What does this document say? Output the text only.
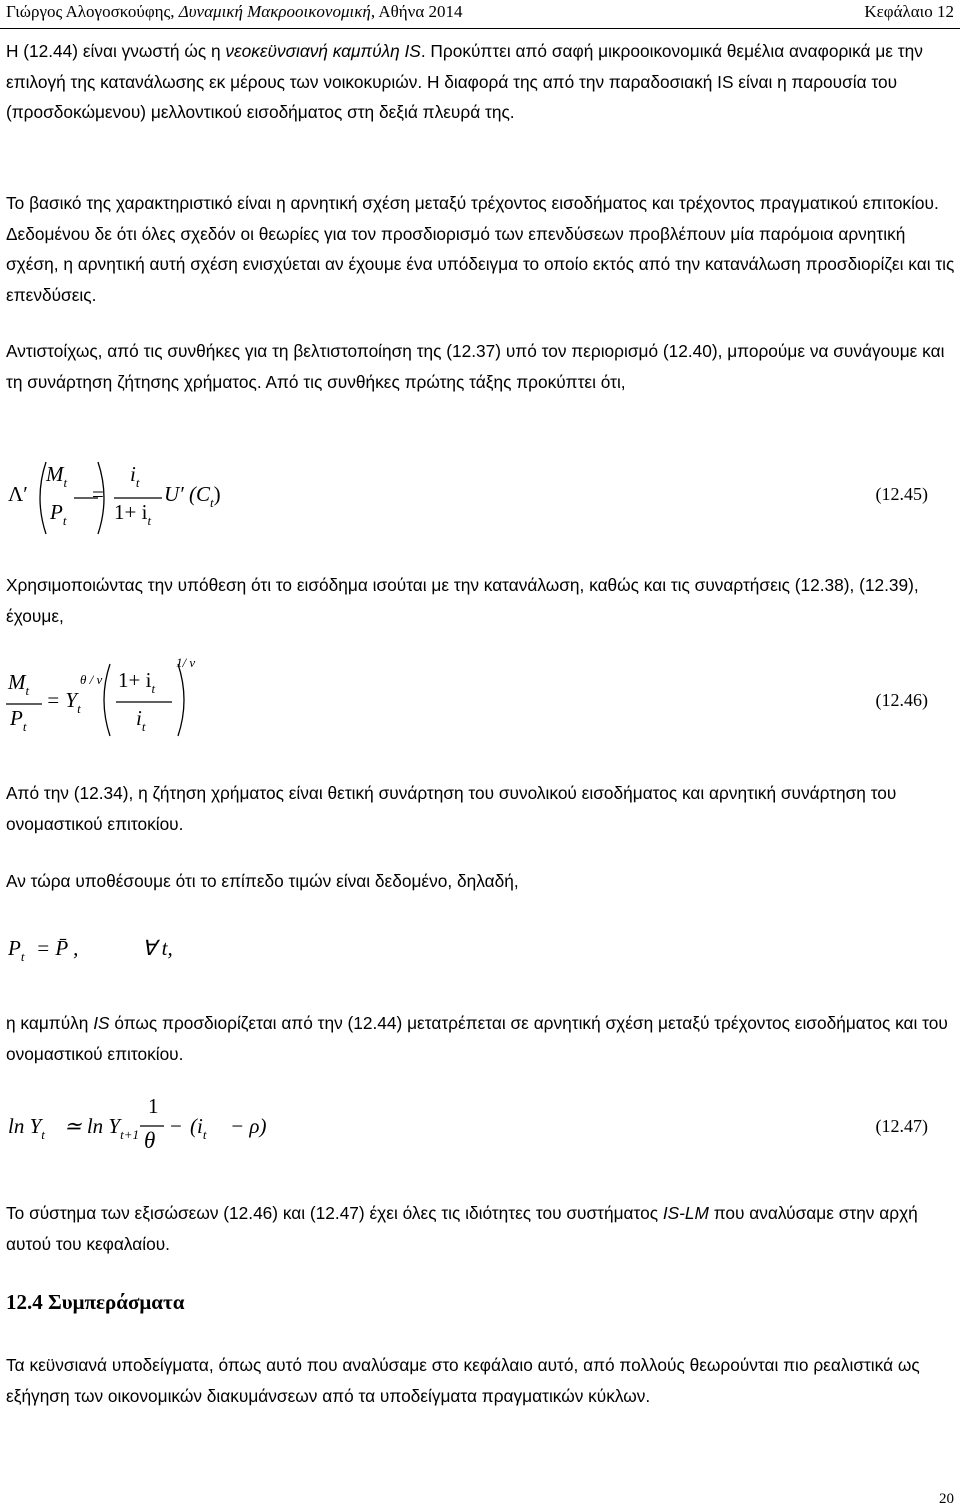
Γιώργος Αλογοσκούφης, Δυναμική Μακροοικονομική, Αθήνα 2014	Κεφάλαιο 12

Η (12.44) είναι γνωστή ώς η νεοκεϋνσιανή καμπύλη IS. Προκύπτει από σαφή μικροοικονομικά θεμέλια αναφορικά με την επιλογή της κατανάλωσης εκ μέρους των νοικοκυριών. Η διαφορά της από την παραδοσιακή IS είναι η παρουσία του (προσδοκώμενου) μελλοντικού εισοδήματος στη δεξιά πλευρά της.

Το βασικό της χαρακτηριστικό είναι η αρνητική σχέση μεταξύ τρέχοντος εισοδήματος και τρέχοντος πραγματικού επιτοκίου. Δεδομένου δε ότι όλες σχεδόν οι θεωρίες για τον προσδιορισμό των επενδύσεων προβλέπουν μία παρόμοια αρνητική σχέση, η αρνητική αυτή σχέση ενισχύεται αν έχουμε ένα υπόδειγμα το οποίο εκτός από την κατανάλωση προσδιορίζει και τις επενδύσεις.

Αντιστοίχως, από τις συνθήκες για τη βελτιστοποίηση της (12.37) υπό τον περιορισμό (12.40), μπορούμε να συνάγουμε και τη συνάρτηση ζήτησης χρήματος. Από τις συνθήκες πρώτης τάξης προκύπτει ότι,

Λ′
$M_t$
$P_t$
=
$i_t$
$1+ i_t$
U′ $(C_t)$	(12.45)

Χρησιμοποιώντας την υπόθεση ότι το εισόδημα ισούται με την κατανάλωση, καθώς και τις συναρτήσεις (12.38), (12.39), έχουμε,

$M_t$
$P_t$
= $Y_t$
θ / ν $1+ i_t$
$i_t$
1/ ν
(12.46)

Από την (12.34), η ζήτηση χρήματος είναι θετική συνάρτηση του συνολικού εισοδήματος και αρνητική συνάρτηση του ονομαστικού επιτοκίου.

Αν τώρα υποθέσουμε ότι το επίπεδο τιμών είναι δεδομένο, δηλαδή,

$P_t$ = P̄ ,	∀ t,

η καμπύλη IS όπως προσδιορίζεται από την (12.44) μετατρέπεται σε αρνητική σχέση μεταξύ τρέχοντος εισοδήματος και του ονομαστικού επιτοκίου.

$\ln Y_t$ ≃ $\ln Y_{t+1}$ −
1
θ
$(i_t - \rho)$	(12.47)

Το σύστημα των εξισώσεων (12.46) και (12.47) έχει όλες τις ιδιότητες του συστήματος IS-LM που αναλύσαμε στην αρχή αυτού του κεφαλαίου.

12.4 Συμπεράσματα

Τα κεϋνσιανά υποδείγματα, όπως αυτό που αναλύσαμε στο κεφάλαιο αυτό, από πολλούς θεωρούνται πιο ρεαλιστικά ως εξήγηση των οικονομικών διακυμάνσεων από τα υποδείγματα πραγματικών κύκλων.

20
